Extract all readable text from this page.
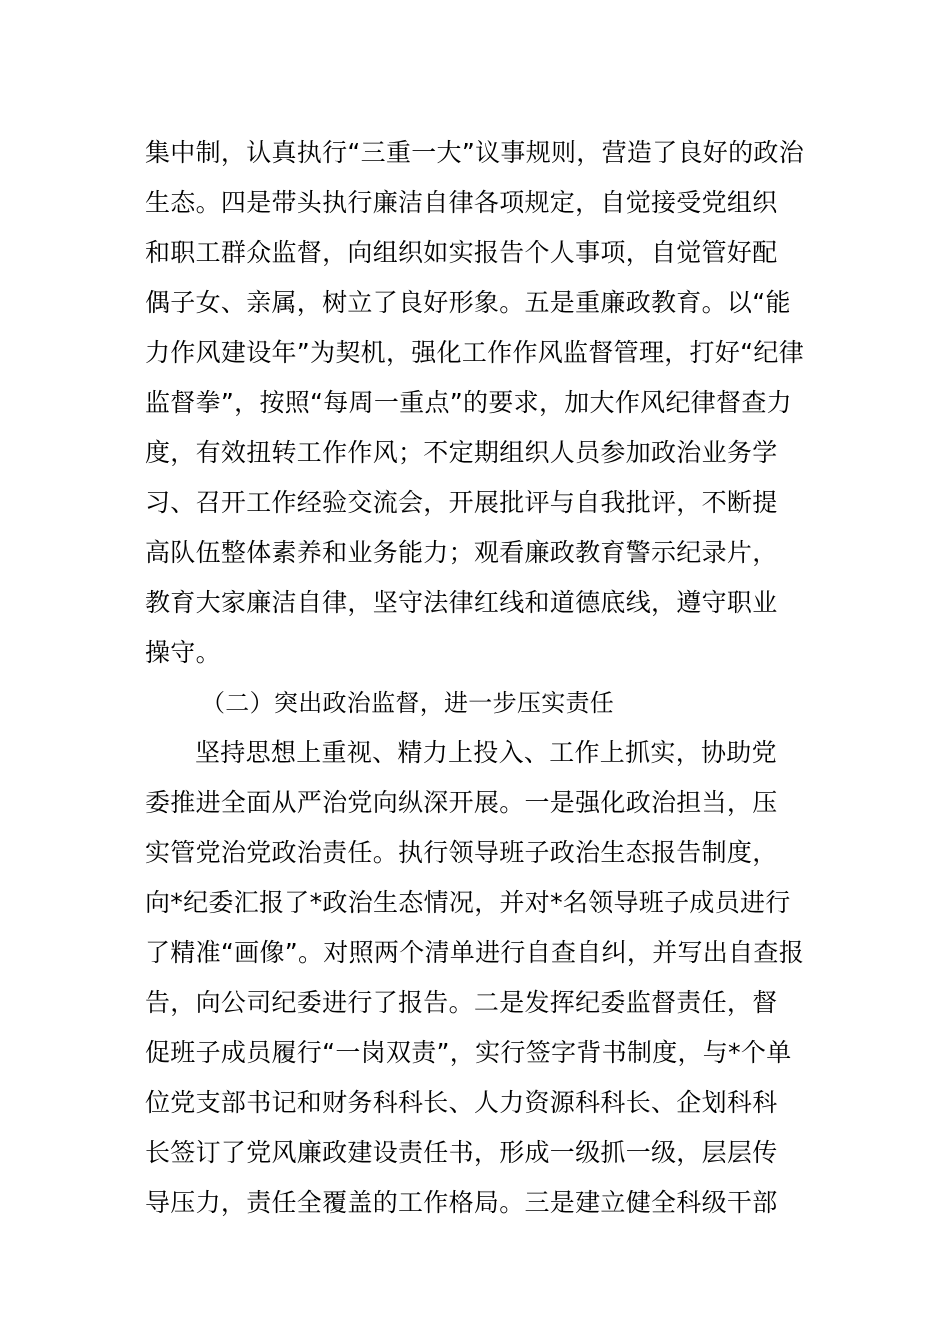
集中制，认真执行“三重一大”议事规则，营造了良好的政治
生态。四是带头执行廉洁自律各项规定，自觉接受党组织
和职工群众监督，向组织如实报告个人事项，自觉管好配
偶子女、亲属，树立了良好形象。五是重廉政教育。以“能
力作风建设年”为契机，强化工作作风监督管理，打好“纪律
监督拳”，按照“每周一重点”的要求，加大作风纪律督查力
度，有效扭转工作作风；不定期组织人员参加政治业务学
习、召开工作经验交流会，开展批评与自我批评，不断提
高队伍整体素养和业务能力；观看廉政教育警示纪录片，
教育大家廉洁自律，坚守法律红线和道德底线，遵守职业
操守。
（二）突出政治监督，进一步压实责任
坚持思想上重视、精力上投入、工作上抓实，协助党
委推进全面从严治党向纵深开展。一是强化政治担当，压
实管党治党政治责任。执行领导班子政治生态报告制度，
向*纪委汇报了*政治生态情况，并对*名领导班子成员进行
了精准“画像”。对照两个清单进行自查自纠，并写出自查报
告，向公司纪委进行了报告。二是发挥纪委监督责任，督
促班子成员履行“一岗双责”，实行签字背书制度，与*个单
位党支部书记和财务科科长、人力资源科科长、企划科科
长签订了党风廉政建设责任书，形成一级抓一级，层层传
导压力，责任全覆盖的工作格局。三是建立健全科级干部
